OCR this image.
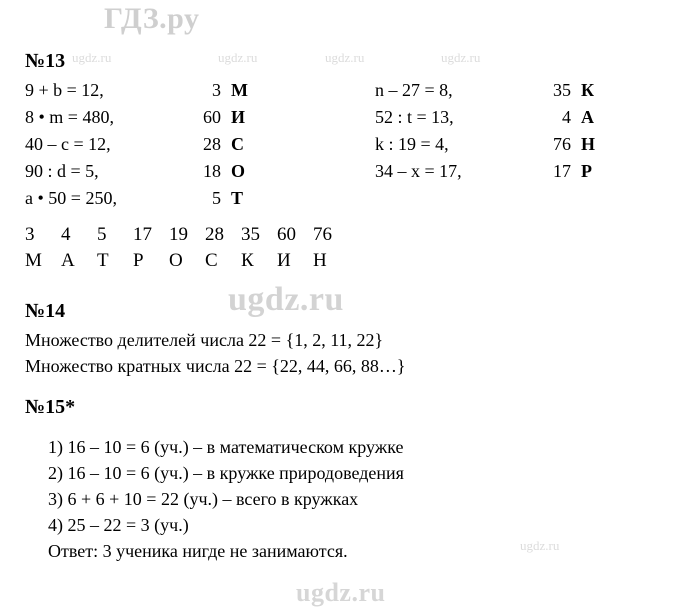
ГДЗ.ру
ugdz.ru
ugdz.ru
ugdz.ru	ugdz.ru	ugdz.ru	ugdz.ru
ugdz.ru
№13
9 + b = 12,	3	М
8 • m = 480,	60	И
40 – c = 12,	28	С
90 : d = 5,	18	О
a • 50 = 250,	5	Т
n – 27 = 8,	35	К
52 : t = 13,	4	А
k : 19 = 4,	76	Н
34 – x = 17,	17	Р
3	4	5	17 19 28 35 60 76
М	А	Т	Р	О	С	К	И	Н
№14
Множество делителей числа 22 = {1, 2, 11, 22}
Множество кратных числа 22 = {22, 44, 66, 88…}
№15*
1) 16 – 10 = 6 (уч.) – в математическом кружке
2) 16 – 10 = 6 (уч.) – в кружке природоведения
3) 6 + 6 + 10 = 22 (уч.) – всего в кружках
4) 25 – 22 = 3 (уч.)
Ответ: 3 ученика нигде не занимаются.
